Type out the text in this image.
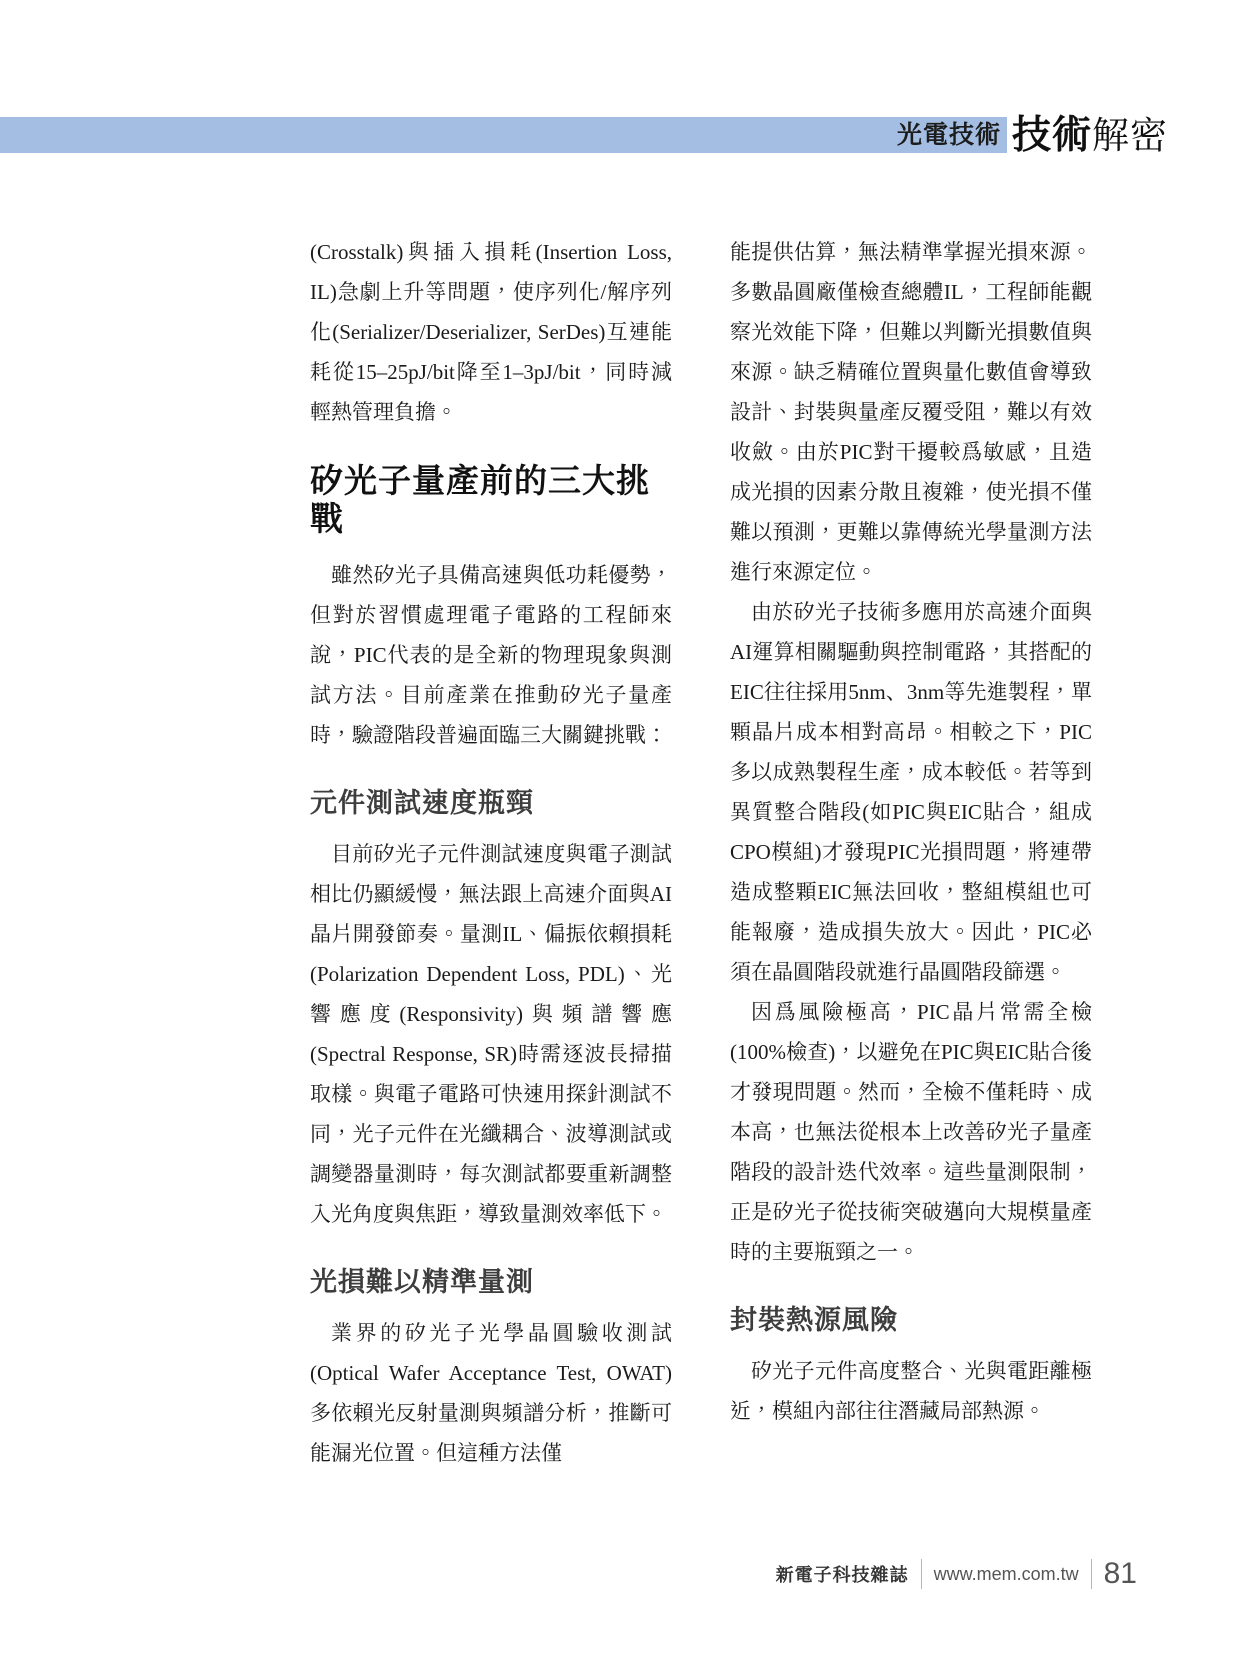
光電技術 技術 解密

(Crosstalk)與插入損耗(Insertion Loss, IL)急劇上升等問題，使序列化/解序列化(Serializer/Deserializer, SerDes)互連能耗從15–25pJ/bit降至1–3pJ/bit，同時減輕熱管理負擔。

矽光子量產前的三大挑戰

雖然矽光子具備高速與低功耗優勢，但對於習慣處理電子電路的工程師來說，PIC代表的是全新的物理現象與測試方法。目前產業在推動矽光子量產時，驗證階段普遍面臨三大關鍵挑戰：

元件測試速度瓶頸

目前矽光子元件測試速度與電子測試相比仍顯緩慢，無法跟上高速介面與AI晶片開發節奏。量測IL、偏振依賴損耗(Polarization Dependent Loss, PDL)、光響應度(Responsivity)與頻譜響應(Spectral Response, SR)時需逐波長掃描取樣。與電子電路可快速用探針測試不同，光子元件在光纖耦合、波導測試或調變器量測時，每次測試都要重新調整入光角度與焦距，導致量測效率低下。

光損難以精準量測

業界的矽光子光學晶圓驗收測試(Optical Wafer Acceptance Test, OWAT)多依賴光反射量測與頻譜分析，推斷可能漏光位置。但這種方法僅

能提供估算，無法精準掌握光損來源。多數晶圓廠僅檢查總體IL，工程師能觀察光效能下降，但難以判斷光損數值與來源。缺乏精確位置與量化數值會導致設計、封裝與量產反覆受阻，難以有效收斂。由於PIC對干擾較爲敏感，且造成光損的因素分散且複雜，使光損不僅難以預測，更難以靠傳統光學量測方法進行來源定位。

由於矽光子技術多應用於高速介面與AI運算相關驅動與控制電路，其搭配的EIC往往採用5nm、3nm等先進製程，單顆晶片成本相對高昂。相較之下，PIC多以成熟製程生產，成本較低。若等到異質整合階段(如PIC與EIC貼合，組成CPO模組)才發現PIC光損問題，將連帶造成整顆EIC無法回收，整組模組也可能報廢，造成損失放大。因此，PIC必須在晶圓階段就進行晶圓階段篩選。

因爲風險極高，PIC晶片常需全檢(100%檢查)，以避免在PIC與EIC貼合後才發現問題。然而，全檢不僅耗時、成本高，也無法從根本上改善矽光子量產階段的設計迭代效率。這些量測限制，正是矽光子從技術突破邁向大規模量產時的主要瓶頸之一。

封裝熱源風險

矽光子元件高度整合、光與電距離極近，模組內部往往潛藏局部熱源。

新電子科技雜誌 www.mem.com.tw 81
